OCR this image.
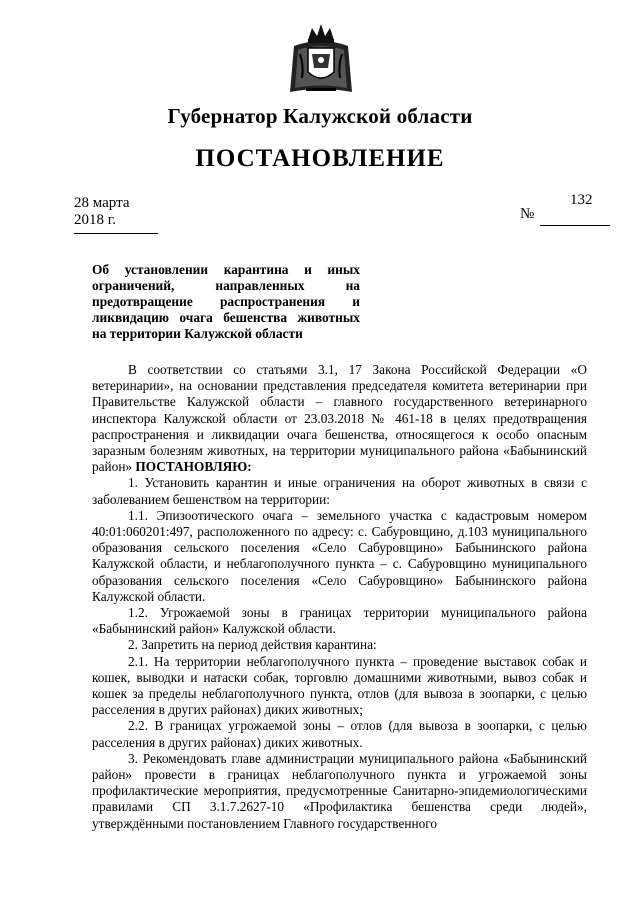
Губернатор Калужской области
ПОСТАНОВЛЕНИЕ
28 марта 2018 г.
132
№
Об установлении карантина и иных
ограничений, направленных на
предотвращение распространения и
ликвидацию очага бешенства животных
на территории Калужской области

В соответствии со статьями 3.1, 17 Закона Российской Федерации «О ветеринарии», на основании представления председателя комитета ветеринарии при Правительстве Калужской области – главного государственного ветеринарного инспектора Калужской области от 23.03.2018 № 461-18 в целях предотвращения распространения и ликвидации очага бешенства, относящегося к особо опасным заразным болезням животных, на территории муниципального района «Бабынинский район» ПОСТАНОВЛЯЮ:

1. Установить карантин и иные ограничения на оборот животных в связи с заболеванием бешенством на территории:

1.1. Эпизоотического очага – земельного участка с кадастровым номером 40:01:060201:497, расположенного по адресу: с. Сабуровщино, д.103 муниципального образования сельского поселения «Село Сабуровщино» Бабынинского района Калужской области, и неблагополучного пункта – с. Сабуровщино муниципального образования сельского поселения «Село Сабуровщино» Бабынинского района Калужской области.

1.2. Угрожаемой зоны в границах территории муниципального района «Бабынинский район» Калужской области.

2. Запретить на период действия карантина:

2.1. На территории неблагополучного пункта – проведение выставок собак и кошек, выводки и натаски собак, торговлю домашними животными, вывоз собак и кошек за пределы неблагополучного пункта, отлов (для вывоза в зоопарки, с целью расселения в других районах) диких животных;

2.2. В границах угрожаемой зоны – отлов (для вывоза в зоопарки, с целью расселения в других районах) диких животных.

3. Рекомендовать главе администрации муниципального района «Бабынинский район» провести в границах неблагополучного пункта и угрожаемой зоны профилактические мероприятия, предусмотренные Санитарно-эпидемиологическими правилами СП 3.1.7.2627-10 «Профилактика бешенства среди людей», утверждёнными постановлением Главного государственного
